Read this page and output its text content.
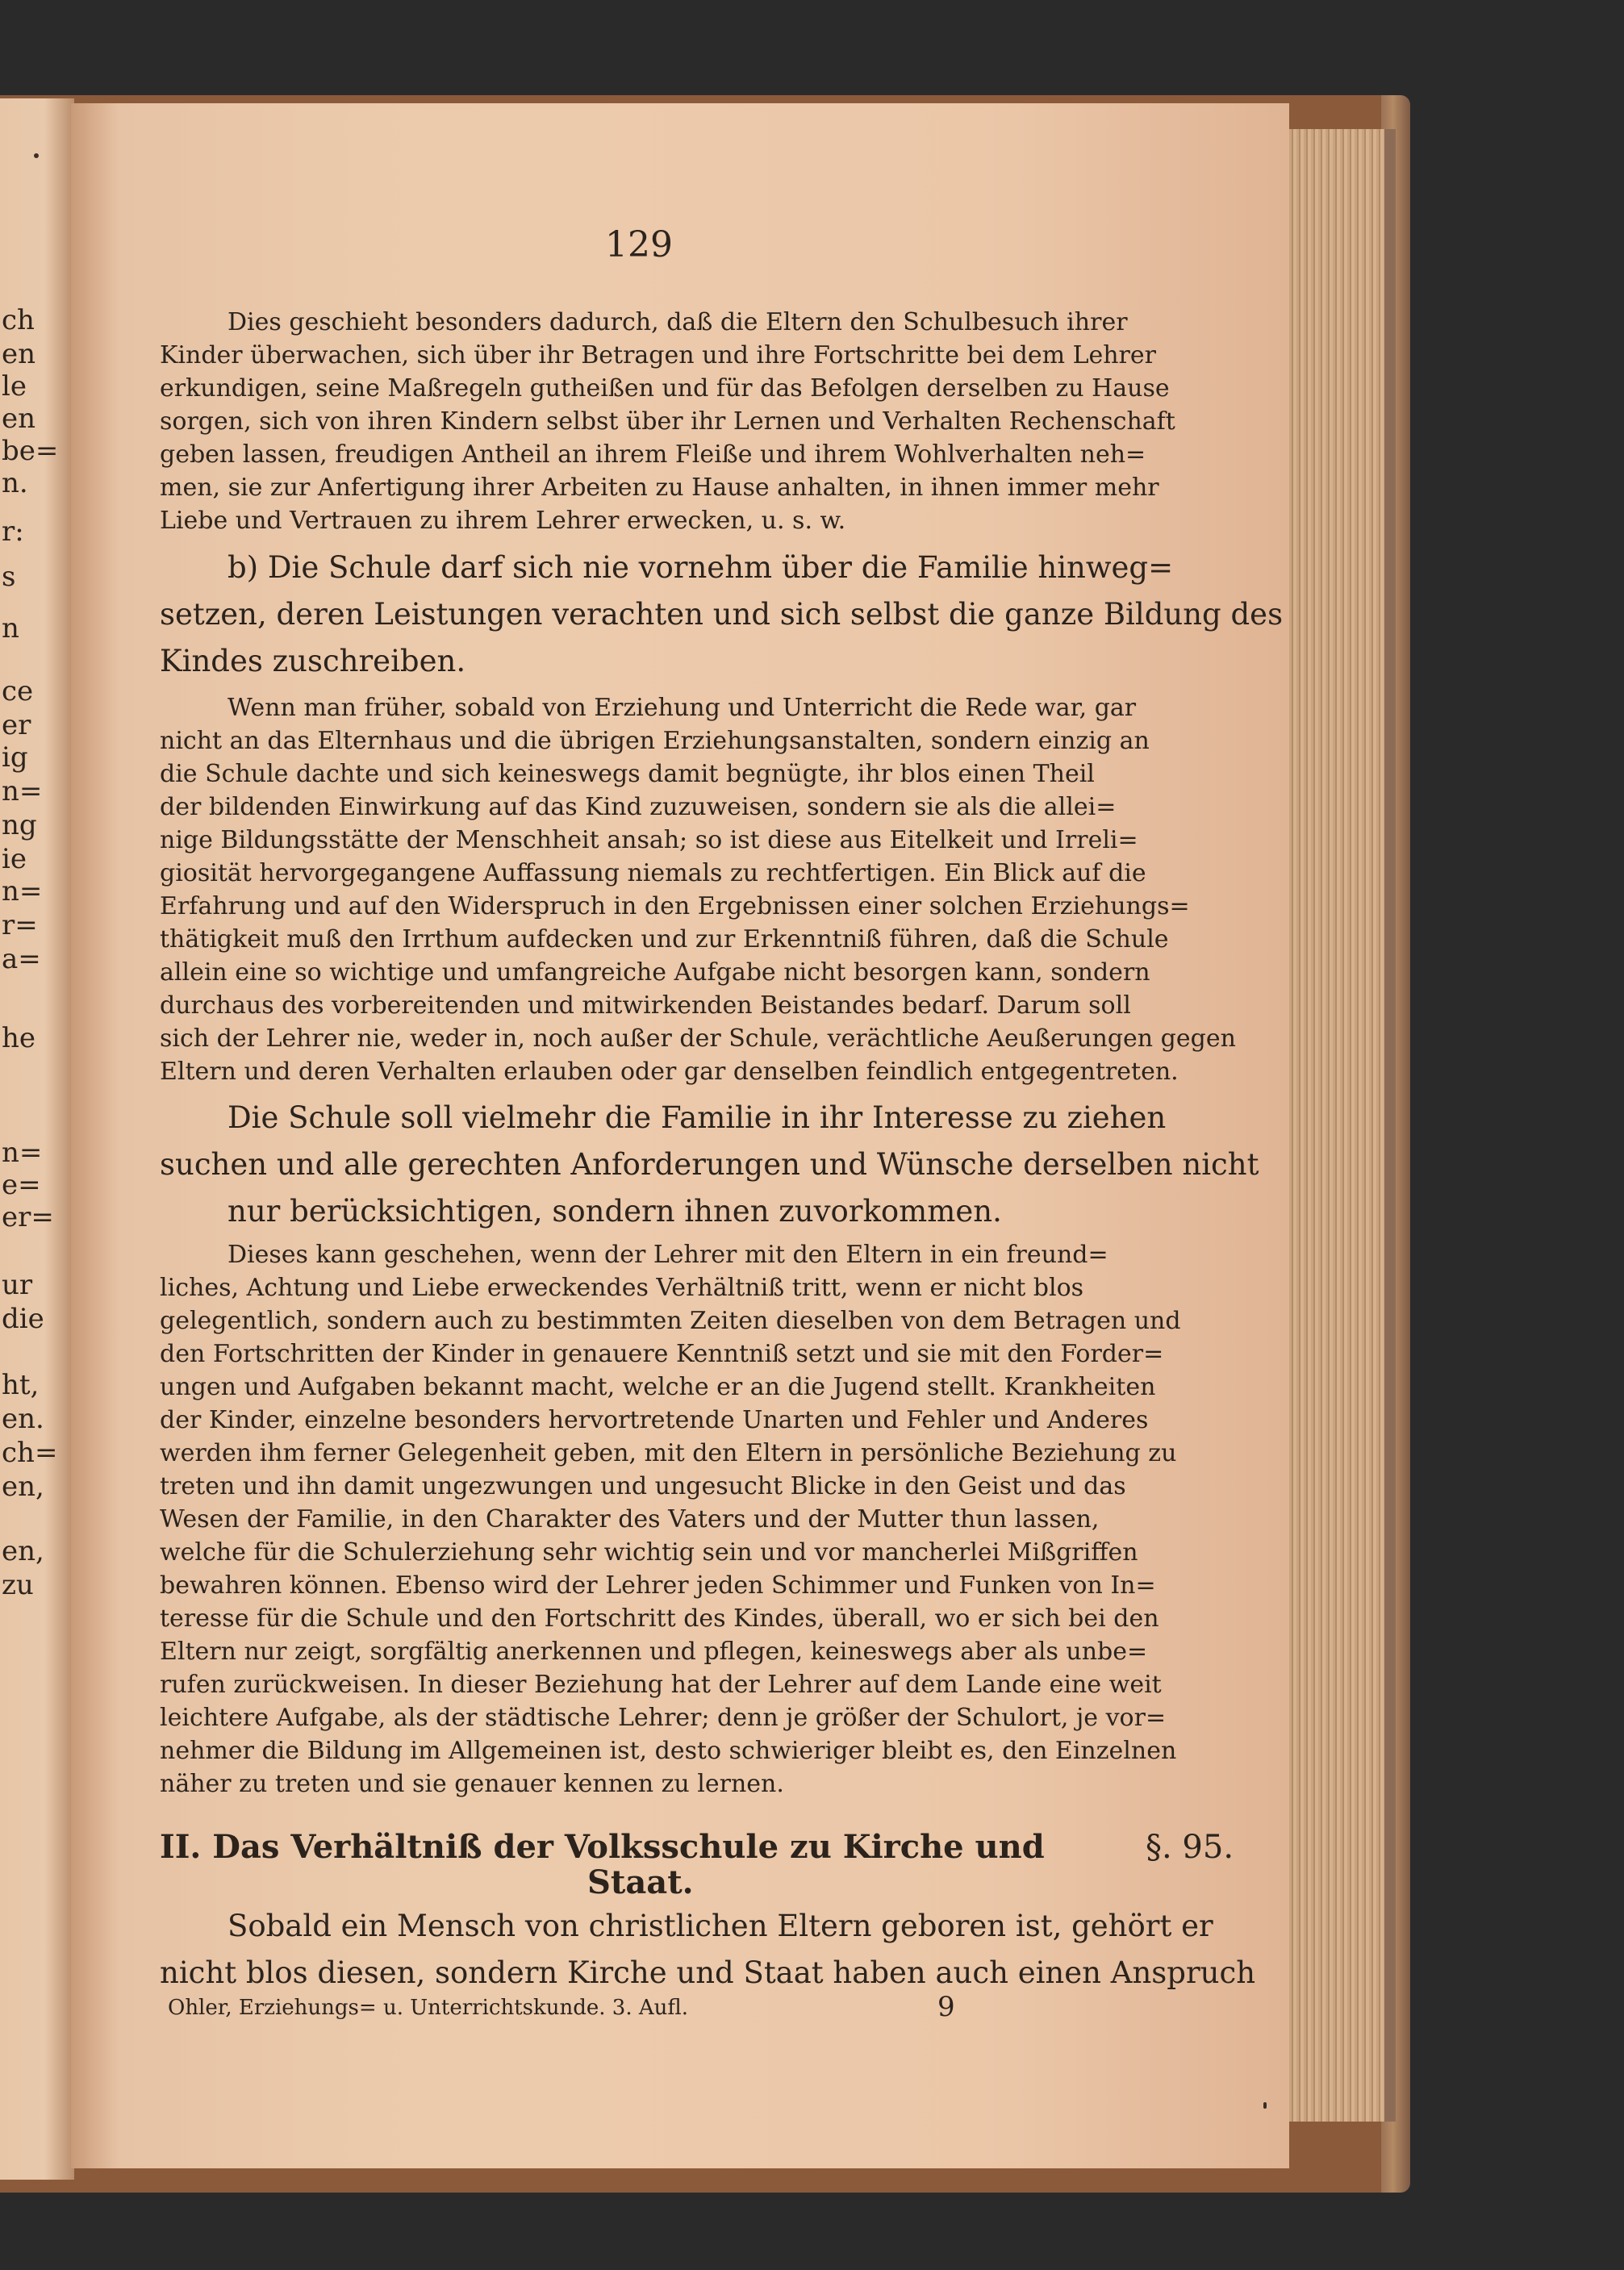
ch
en
le
en
be=
n.
r:
s
n
ce
er
ig
n=
ng
ie
n=
r=
a=
he
n=
e=
er=
ur
die
ht,
en.
ch=
en,
en,
zu
129
Dies geschieht besonders dadurch, daß die Eltern den Schulbesuch ihrer
Kinder überwachen, sich über ihr Betragen und ihre Fortschritte bei dem Lehrer
erkundigen, seine Maßregeln gutheißen und für das Befolgen derselben zu Hause
sorgen, sich von ihren Kindern selbst über ihr Lernen und Verhalten Rechenschaft
geben lassen, freudigen Antheil an ihrem Fleiße und ihrem Wohlverhalten neh=
men, sie zur Anfertigung ihrer Arbeiten zu Hause anhalten, in ihnen immer mehr
Liebe und Vertrauen zu ihrem Lehrer erwecken, u. s. w.
b) Die Schule darf sich nie vornehm über die Familie hinweg=
setzen, deren Leistungen verachten und sich selbst die ganze Bildung des
Kindes zuschreiben.
Wenn man früher, sobald von Erziehung und Unterricht die Rede war, gar
nicht an das Elternhaus und die übrigen Erziehungsanstalten, sondern einzig an
die Schule dachte und sich keineswegs damit begnügte, ihr blos einen Theil
der bildenden Einwirkung auf das Kind zuzuweisen, sondern sie als die allei=
nige Bildungsstätte der Menschheit ansah; so ist diese aus Eitelkeit und Irreli=
giosität hervorgegangene Auffassung niemals zu rechtfertigen. Ein Blick auf die
Erfahrung und auf den Widerspruch in den Ergebnissen einer solchen Erziehungs=
thätigkeit muß den Irrthum aufdecken und zur Erkenntniß führen, daß die Schule
allein eine so wichtige und umfangreiche Aufgabe nicht besorgen kann, sondern
durchaus des vorbereitenden und mitwirkenden Beistandes bedarf. Darum soll
sich der Lehrer nie, weder in, noch außer der Schule, verächtliche Aeußerungen gegen
Eltern und deren Verhalten erlauben oder gar denselben feindlich entgegentreten.
Die Schule soll vielmehr die Familie in ihr Interesse zu ziehen
suchen und alle gerechten Anforderungen und Wünsche derselben nicht
nur berücksichtigen, sondern ihnen zuvorkommen.
Dieses kann geschehen, wenn der Lehrer mit den Eltern in ein freund=
liches, Achtung und Liebe erweckendes Verhältniß tritt, wenn er nicht blos
gelegentlich, sondern auch zu bestimmten Zeiten dieselben von dem Betragen und
den Fortschritten der Kinder in genauere Kenntniß setzt und sie mit den Forder=
ungen und Aufgaben bekannt macht, welche er an die Jugend stellt. Krankheiten
der Kinder, einzelne besonders hervortretende Unarten und Fehler und Anderes
werden ihm ferner Gelegenheit geben, mit den Eltern in persönliche Beziehung zu
treten und ihn damit ungezwungen und ungesucht Blicke in den Geist und das
Wesen der Familie, in den Charakter des Vaters und der Mutter thun lassen,
welche für die Schulerziehung sehr wichtig sein und vor mancherlei Mißgriffen
bewahren können. Ebenso wird der Lehrer jeden Schimmer und Funken von In=
teresse für die Schule und den Fortschritt des Kindes, überall, wo er sich bei den
Eltern nur zeigt, sorgfältig anerkennen und pflegen, keineswegs aber als unbe=
rufen zurückweisen. In dieser Beziehung hat der Lehrer auf dem Lande eine weit
leichtere Aufgabe, als der städtische Lehrer; denn je größer der Schulort, je vor=
nehmer die Bildung im Allgemeinen ist, desto schwieriger bleibt es, den Einzelnen
näher zu treten und sie genauer kennen zu lernen.
II. Das Verhältniß der Volksschule zu Kirche und
Staat.
§. 95.
Sobald ein Mensch von christlichen Eltern geboren ist, gehört er
nicht blos diesen, sondern Kirche und Staat haben auch einen Anspruch
Ohler, Erziehungs= u. Unterrichtskunde. 3. Aufl.	9
